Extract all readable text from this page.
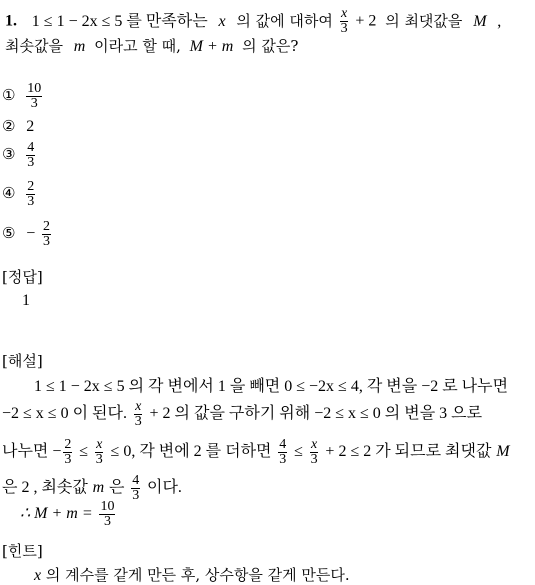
1. 1 ≤ 1 − 2x ≤ 5 를 만족하는 x 의 값에 대하여 $\frac{x}{3} + 2$ 의 최댓값을 M ,
최솟값을 m 이라고 할 때, M + m 의 값은?
① $\frac{10}{3}$
② 2
③ $\frac{4}{3}$
④ $\frac{2}{3}$
⑤ − $\frac{2}{3}$
[정답]
1
[해설]
1 ≤ 1 − 2x ≤ 5 의 각 변에서 1 을 빼면 0 ≤ −2x ≤ 4, 각 변을 −2 로 나누면
−2 ≤ x ≤ 0 이 된다. $\frac{x}{3} + 2$ 의 값을 구하기 위해 −2 ≤ x ≤ 0 의 변을 3 으로
나누면 − $\frac{2}{3} \le \frac{x}{3} \le 0$, 각 변에 2 를 더하면 $\frac{4}{3} \le \frac{x}{3} + 2 \le 2$ 가 되므로 최댓값 M
은 2 , 최솟값 m 은 $\frac{4}{3}$ 이다.
∴ $M + m = \frac{10}{3}$
[힌트]
x 의 계수를 같게 만든 후, 상수항을 같게 만든다.
